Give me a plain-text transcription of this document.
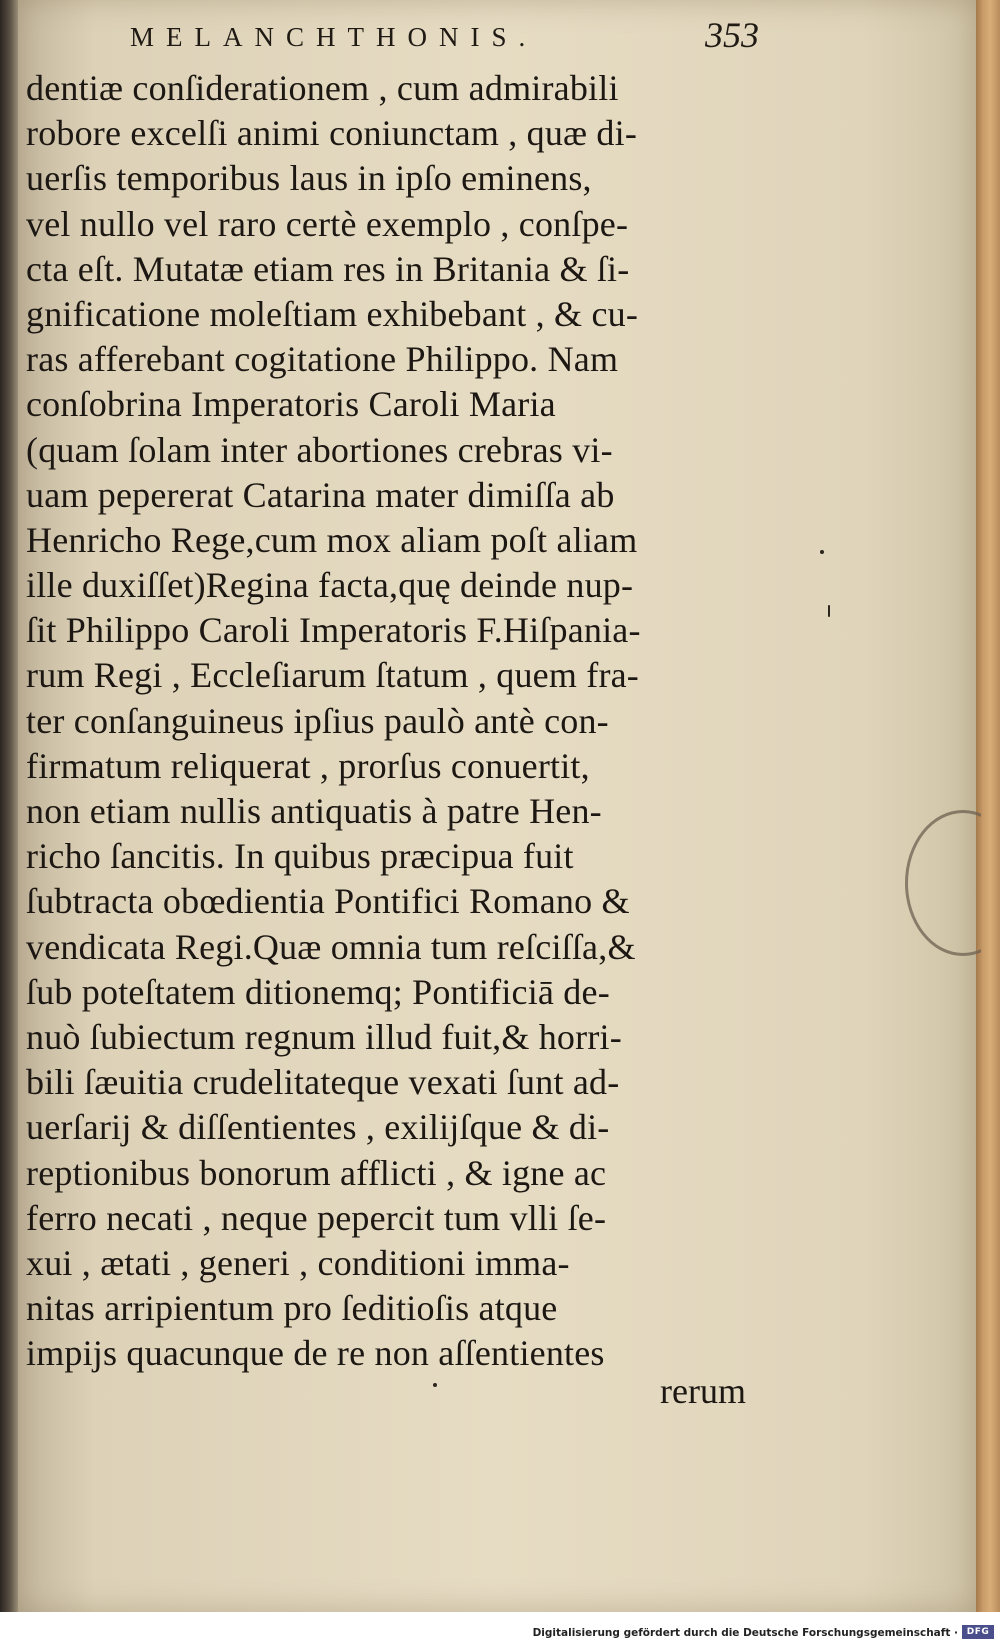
MELANCHTHONIS.	353
dentiæ conſiderationem , cum admirabili
robore excelſi animi coniunctam , quæ di-
uerſis temporibus laus in ipſo eminens,
vel nullo vel raro certè exemplo , conſpe-
cta eſt. Mutatæ etiam res in Britania & ſi-
gnificatione moleſtiam exhibebant , & cu-
ras afferebant cogitatione Philippo. Nam
conſobrina Imperatoris Caroli Maria
(quam ſolam inter abortiones crebras vi-
uam pepererat Catarina mater dimiſſa ab
Henricho Rege,cum mox aliam poſt aliam
ille duxiſſet)Regina facta,quę deinde nup-
ſit Philippo Caroli Imperatoris F.Hiſpania-
rum Regi , Eccleſiarum ſtatum , quem fra-
ter conſanguineus ipſius paulò antè con-
firmatum reliquerat , prorſus conuertit,
non etiam nullis antiquatis à patre Hen-
richo ſancitis. In quibus præcipua fuit
ſubtracta obœdientia Pontifici Romano &
vendicata Regi.Quæ omnia tum reſciſſa,&
ſub poteſtatem ditionemq; Pontificiā de-
nuò ſubiectum regnum illud fuit,& horri-
bili ſæuitia crudelitateque vexati ſunt ad-
uerſarij & diſſentientes , exilijſque & di-
reptionibus bonorum afflicti , & igne ac
ferro necati , neque pepercit tum vlli ſe-
xui , ætati , generi , conditioni imma-
nitas arripientum pro ſeditioſis atque
impijs quacunque de re non aſſentientes
rerum
Digitalisierung gefördert durch die Deutsche Forschungsgemeinschaft · DFG
